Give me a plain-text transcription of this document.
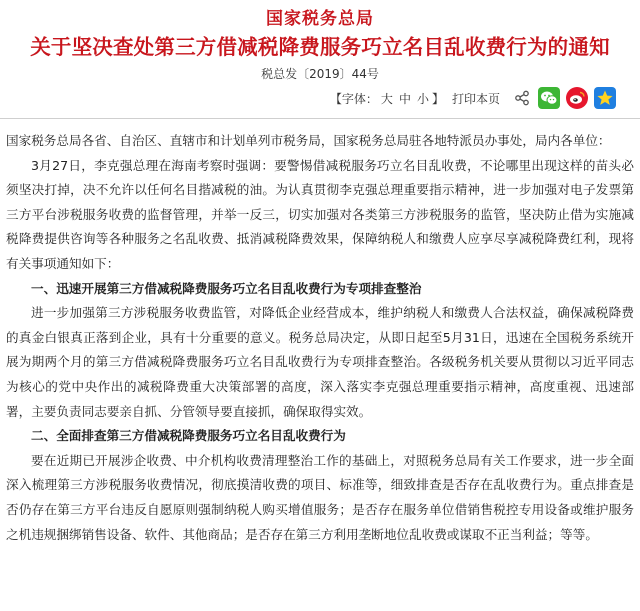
国家税务总局
关于坚决查处第三方借减税降费服务巧立名目乱收费行为的通知
税总发〔2019〕44号
【字体： 大 中 小 】 打印本页

国家税务总局各省、自治区、直辖市和计划单列市税务局，国家税务总局驻各地特派员办事处，局内各单位：

3月27日，李克强总理在海南考察时强调：要警惕借减税服务巧立名目乱收费，不论哪里出现这样的苗头必须坚决打掉，决不允许以任何名目揩减税的油。为认真贯彻李克强总理重要指示精神，进一步加强对电子发票第三方平台涉税服务收费的监督管理，并举一反三，切实加强对各类第三方涉税服务的监管，坚决防止借为实施减税降费提供咨询等各种服务之名乱收费、抵消减税降费效果，保障纳税人和缴费人应享尽享减税降费红利，现将有关事项通知如下：

一、迅速开展第三方借减税降费服务巧立名目乱收费行为专项排查整治

进一步加强第三方涉税服务收费监管，对降低企业经营成本，维护纳税人和缴费人合法权益，确保减税降费的真金白银真正落到企业，具有十分重要的意义。税务总局决定，从即日起至5月31日，迅速在全国税务系统开展为期两个月的第三方借减税降费服务巧立名目乱收费行为专项排查整治。各级税务机关要从贯彻以习近平同志为核心的党中央作出的减税降费重大决策部署的高度，深入落实李克强总理重要指示精神，高度重视、迅速部署，主要负责同志要亲自抓、分管领导要直接抓，确保取得实效。

二、全面排查第三方借减税降费服务巧立名目乱收费行为

要在近期已开展涉企收费、中介机构收费清理整治工作的基础上，对照税务总局有关工作要求，进一步全面深入梳理第三方涉税服务收费情况，彻底摸清收费的项目、标准等，细致排查是否存在乱收费行为。重点排查是否仍存在第三方平台违反自愿原则强制纳税人购买增值服务；是否存在服务单位借销售税控专用设备或维护服务之机违规捆绑销售设备、软件、其他商品；是否存在第三方利用垄断地位乱收费或谋取不正当利益；等等。
